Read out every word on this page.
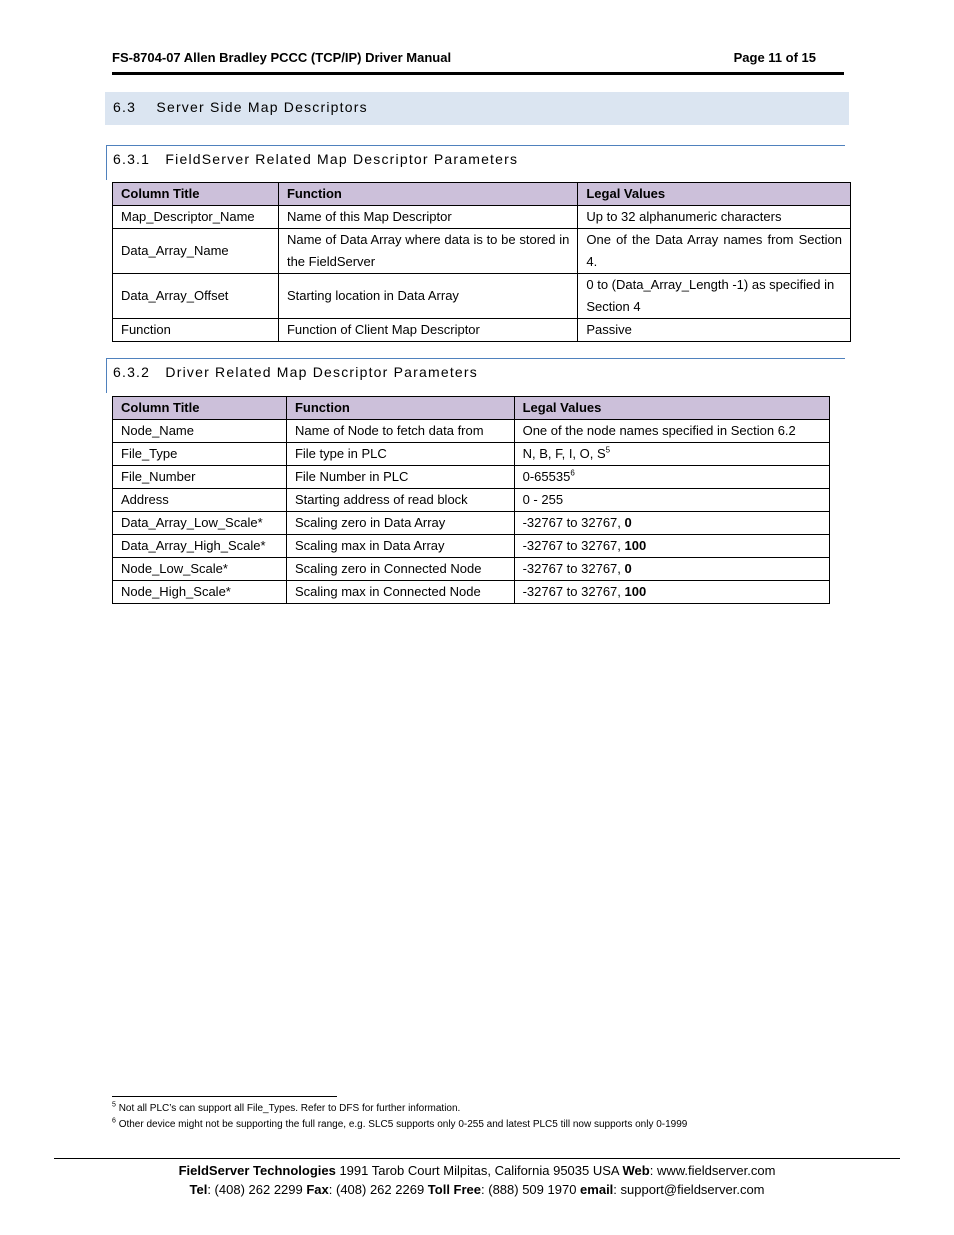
FS-8704-07 Allen Bradley PCCC (TCP/IP) Driver Manual	Page 11 of 15
6.3 Server Side Map Descriptors
6.3.1 FieldServer Related Map Descriptor Parameters
Column Title	Function	Legal Values
Map_Descriptor_Name	Name of this Map Descriptor	Up to 32 alphanumeric characters
Data_Array_Name	Name of Data Array where data is to be stored in the FieldServer	One of the Data Array names from Section 4.
Data_Array_Offset	Starting location in Data Array	0 to (Data_Array_Length -1) as specified in Section 4
Function	Function of Client Map Descriptor	Passive
6.3.2 Driver Related Map Descriptor Parameters
Column Title	Function	Legal Values
Node_Name	Name of Node to fetch data from	One of the node names specified in Section 6.2
File_Type	File type in PLC	N, B, F, I, O, $S^5$
File_Number	File Number in PLC	0-65535$^6$
Address	Starting address of read block	0 - 255
Data_Array_Low_Scale*	Scaling zero in Data Array	-32767 to 32767, 0
Data_Array_High_Scale*	Scaling max in Data Array	-32767 to 32767, 100
Node_Low_Scale*	Scaling zero in Connected Node	-32767 to 32767, 0
Node_High_Scale*	Scaling max in Connected Node	-32767 to 32767, 100
$^5$ Not all PLC’s can support all File_Types. Refer to DFS for further information.
$^6$ Other device might not be supporting the full range, e.g. SLC5 supports only 0-255 and latest PLC5 till now supports only 0-1999
FieldServer Technologies 1991 Tarob Court Milpitas, California 95035 USA Web: www.fieldserver.com
Tel: (408) 262 2299 Fax: (408) 262 2269 Toll Free: (888) 509 1970 email: support@fieldserver.com
